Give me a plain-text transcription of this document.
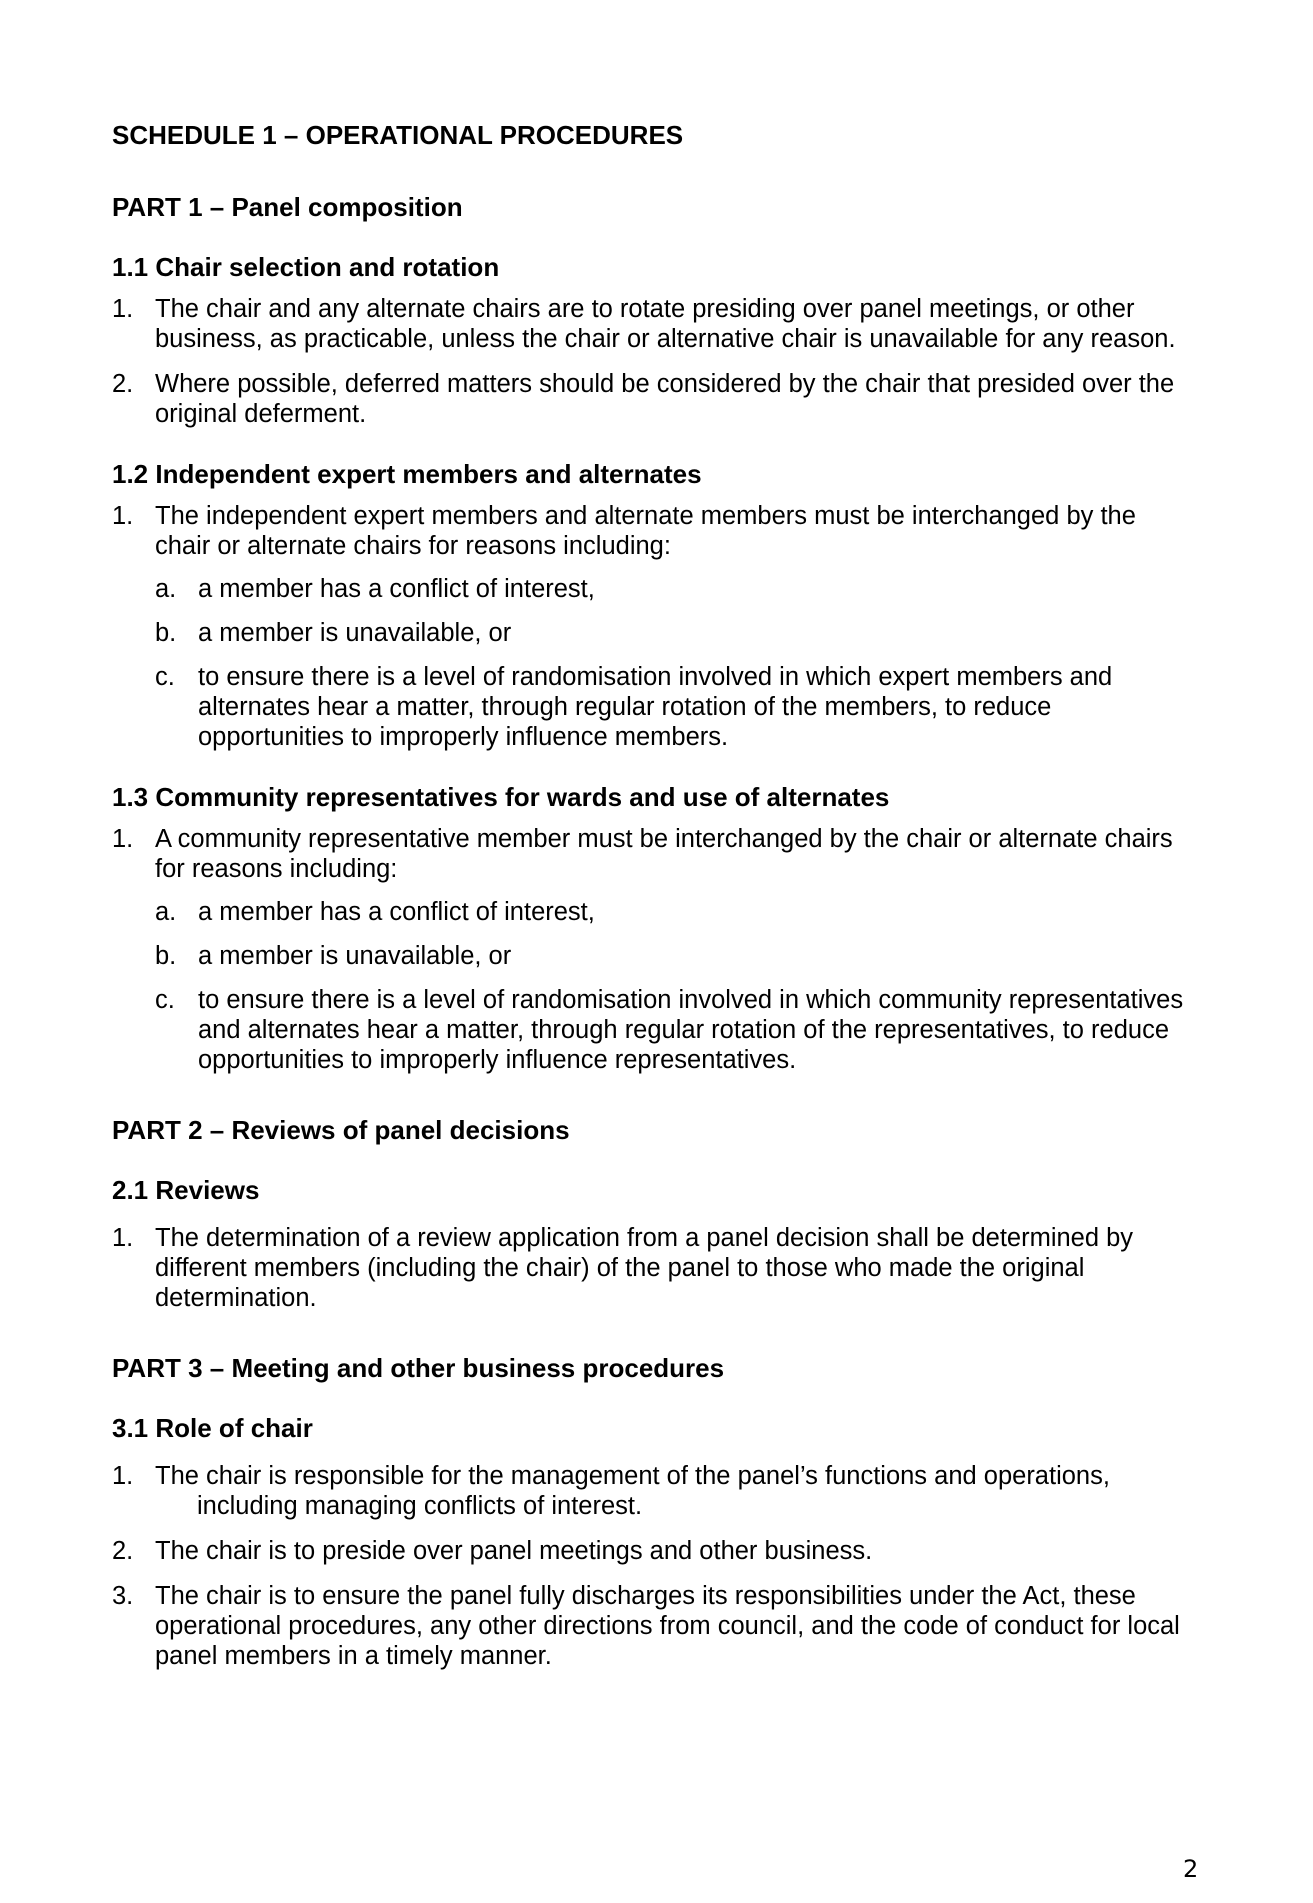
SCHEDULE 1 – OPERATIONAL PROCEDURES
PART 1 – Panel composition
1.1 Chair selection and rotation
1. The chair and any alternate chairs are to rotate presiding over panel meetings, or other business, as practicable, unless the chair or alternative chair is unavailable for any reason.
2. Where possible, deferred matters should be considered by the chair that presided over the original deferment.
1.2 Independent expert members and alternates
1. The independent expert members and alternate members must be interchanged by the chair or alternate chairs for reasons including:
a. a member has a conflict of interest,
b. a member is unavailable, or
c. to ensure there is a level of randomisation involved in which expert members and alternates hear a matter, through regular rotation of the members, to reduce opportunities to improperly influence members.
1.3 Community representatives for wards and use of alternates
1. A community representative member must be interchanged by the chair or alternate chairs for reasons including:
a. a member has a conflict of interest,
b. a member is unavailable, or
c. to ensure there is a level of randomisation involved in which community representatives and alternates hear a matter, through regular rotation of the representatives, to reduce opportunities to improperly influence representatives.
PART 2 – Reviews of panel decisions
2.1 Reviews
1. The determination of a review application from a panel decision shall be determined by different members (including the chair) of the panel to those who made the original determination.
PART 3 – Meeting and other business procedures
3.1 Role of chair
1. The chair is responsible for the management of the panel’s functions and operations, including managing conflicts of interest.
2. The chair is to preside over panel meetings and other business.
3. The chair is to ensure the panel fully discharges its responsibilities under the Act, these operational procedures, any other directions from council, and the code of conduct for local panel members in a timely manner.
2
